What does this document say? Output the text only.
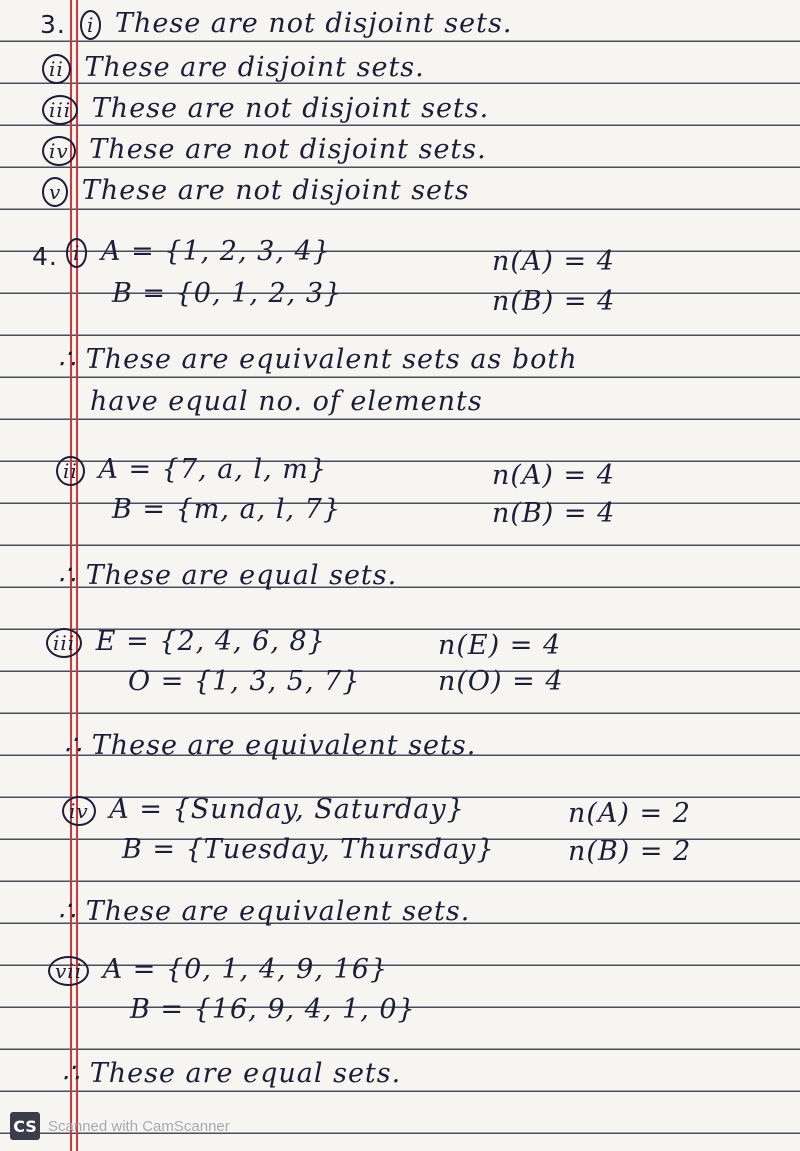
3.	i These are not disjoint sets.
ii These are disjoint sets.
iii These are not disjoint sets.
iv These are not disjoint sets.
v These are not disjoint sets
4. i A = {1, 2, 3, 4}	n(A) = 4
B = {0, 1, 2, 3}	n(B) = 4
∴ These are equivalent sets as both
have equal no. of elements
ii A = {7, a, l, m}	n(A) = 4
B = {m, a, l, 7}	n(B) = 4
∴ These are equal sets.
iii E = {2, 4, 6, 8}	n(E) = 4
O = {1, 3, 5, 7}	n(O) = 4
∴ These are equivalent sets.
iv A = {Sunday, Saturday}	n(A) = 2
B = {Tuesday, Thursday}	n(B) = 2
∴ These are equivalent sets.
vii A = {0, 1, 4, 9, 16}
B = {16, 9, 4, 1, 0}
∴ These are equal sets.
CS Scanned with CamScanner
